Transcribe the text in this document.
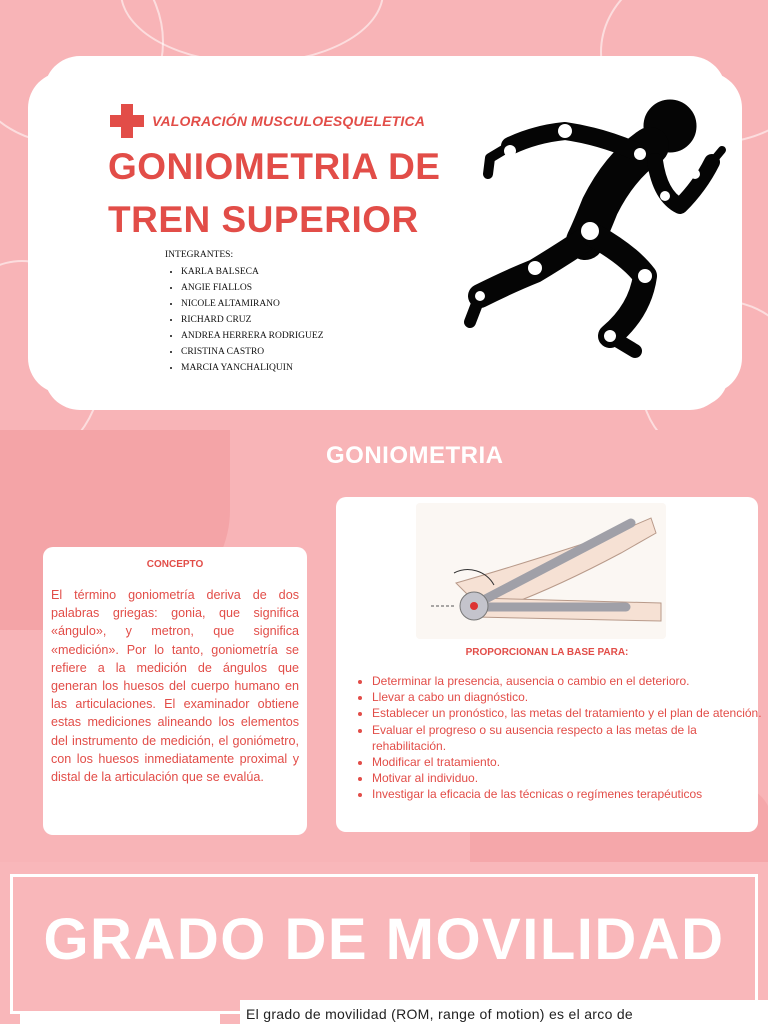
VALORACIÓN MUSCULOESQUELETICA
GONIOMETRIA DE
TREN SUPERIOR
INTEGRANTES:
• KARLA BALSECA
• ANGIE FIALLOS
• NICOLE ALTAMIRANO
• RICHARD CRUZ
• ANDREA HERRERA RODRIGUEZ
• CRISTINA CASTRO
• MARCIA YANCHALIQUIN
GONIOMETRIA
CONCEPTO

El término goniometría deriva de dos palabras griegas: gonia, que significa «ángulo», y metron, que significa «medición». Por lo tanto, goniometría se refiere a la medición de ángulos que generan los huesos del cuerpo humano en las articulaciones. El examinador obtiene estas mediciones alineando los elementos del instrumento de medición, el goniómetro, con los huesos inmediatamente proximal y distal de la articulación que se evalúa.

PROPORCIONAN LA BASE PARA:
• Determinar la presencia, ausencia o cambio en el deterioro.
• Llevar a cabo un diagnóstico.
• Establecer un pronóstico, las metas del tratamiento y el plan de atención.
• Evaluar el progreso o su ausencia respecto a las metas de la rehabilitación.
• Modificar el tratamiento.
• Motivar al individuo.
• Investigar la eficacia de las técnicas o regímenes terapéuticos
GRADO DE MOVILIDAD
El grado de movilidad (ROM, range of motion) es el arco de
